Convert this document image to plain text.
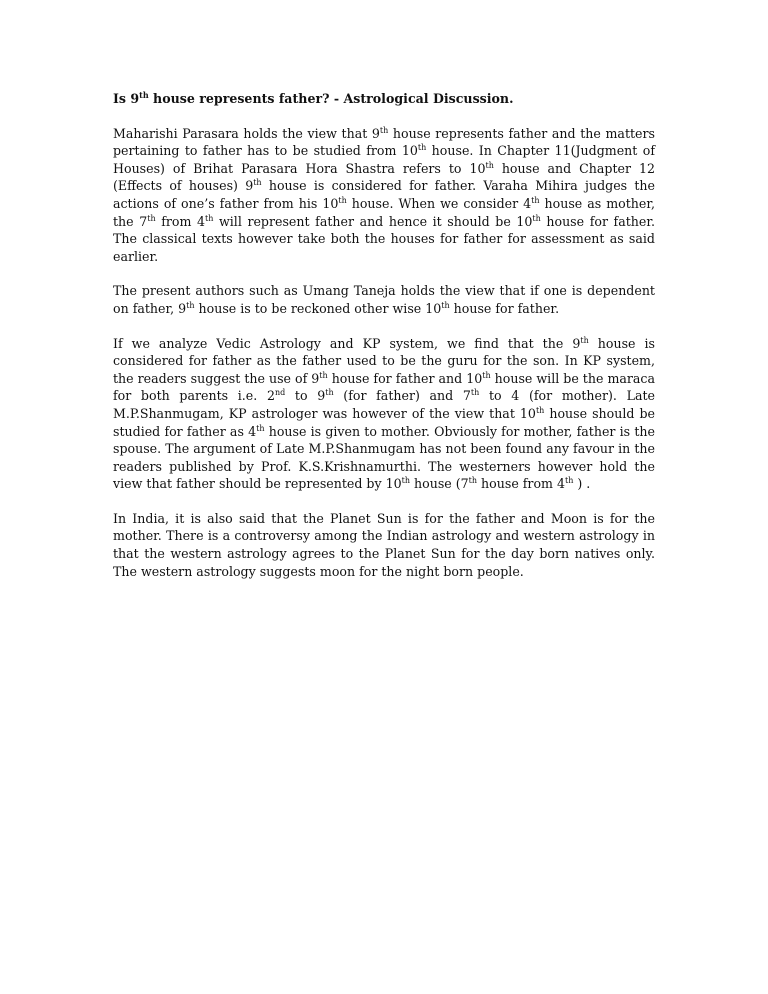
Is 9th house represents father? - Astrological Discussion.
Maharishi Parasara holds the view that 9th house represents father and the matters pertaining to father has to be studied from 10th house. In Chapter 11(Judgment of Houses) of Brihat Parasara Hora Shastra refers to 10th house and Chapter 12 (Effects of houses) 9th house is considered for father. Varaha Mihira judges the actions of one’s father from his 10th house. When we consider 4th house as mother, the 7th from 4th will represent father and hence it should be 10th house for father. The classical texts however take both the houses for father for assessment as said earlier.
The present authors such as Umang Taneja holds the view that if one is dependent on father, 9th house is to be reckoned other wise 10th house for father.
If we analyze Vedic Astrology and KP system, we find that the 9th house is considered for father as the father used to be the guru for the son. In KP system, the readers suggest the use of 9th house for father and 10th house will be the maraca for both parents i.e. 2nd to 9th (for father) and 7th to 4 (for mother). Late M.P.Shanmugam, KP astrologer was however of the view that 10th house should be studied for father as 4th house is given to mother. Obviously for mother, father is the spouse. The argument of Late M.P.Shanmugam has not been found any favour in the readers published by Prof. K.S.Krishnamurthi. The westerners however hold the view that father should be represented by 10th house (7th house from 4th ) .
In India, it is also said that the Planet Sun is for the father and Moon is for the mother. There is a controversy among the Indian astrology and western astrology in that the western astrology agrees to the Planet Sun for the day born natives only. The western astrology suggests moon for the night born people.
